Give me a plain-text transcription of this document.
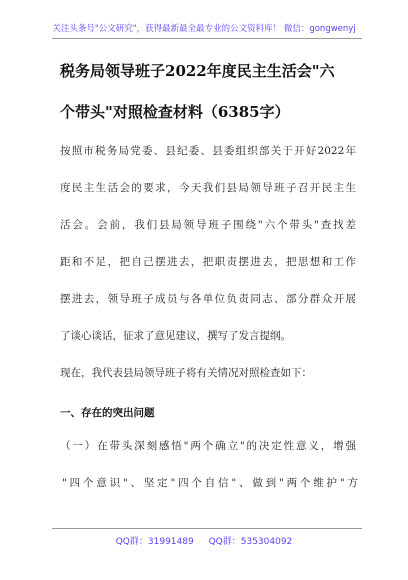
关注头条号"公文研究"，获得最新最全最专业的公文资料库！ 微信：gongwenyj
税务局领导班子2022年度民主生活会"六
个带头"对照检查材料（6385字）
按照市税务局党委、县纪委、县委组织部关于开好2022年
度民主生活会的要求，今天我们县局领导班子召开民主生
活会。会前，我们县局领导班子围绕"六个带头"查找差
距和不足，把自己摆进去，把职责摆进去，把思想和工作
摆进去，领导班子成员与各单位负责同志、部分群众开展
了谈心谈话，征求了意见建议，撰写了发言提纲。
现在，我代表县局领导班子将有关情况对照检查如下：
一、存在的突出问题
（一）在带头深刻感悟"两个确立"的决定性意义，增强
"四个意识"、坚定"四个自信"、做到"两个维护"方
QQ群：31991489 QQ群：535304092
